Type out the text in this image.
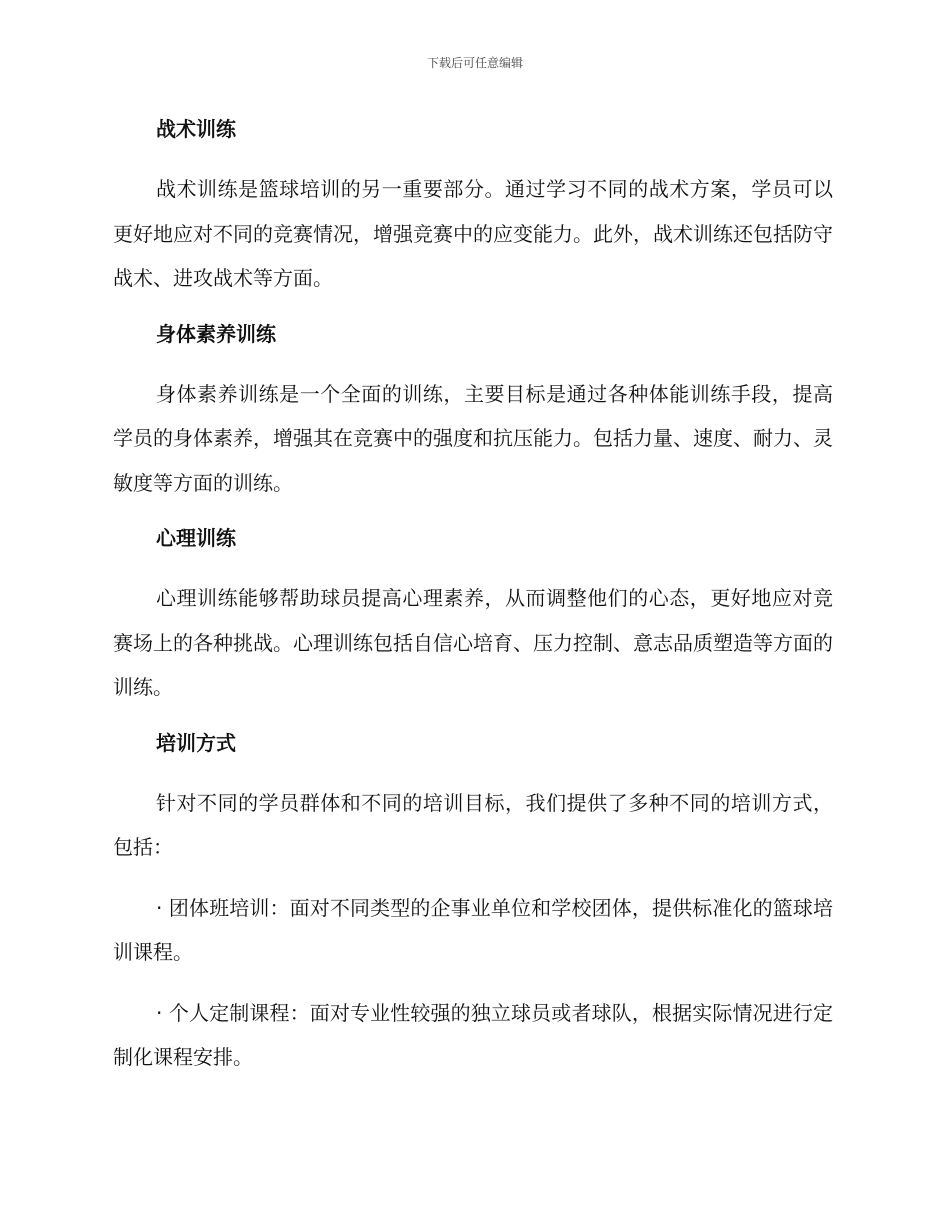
下载后可任意编辑
战术训练

战术训练是篮球培训的另一重要部分。通过学习不同的战术方案，学员可以更好地应对不同的竞赛情况，增强竞赛中的应变能力。此外，战术训练还包括防守战术、进攻战术等方面。

身体素养训练

身体素养训练是一个全面的训练，主要目标是通过各种体能训练手段，提高学员的身体素养，增强其在竞赛中的强度和抗压能力。包括力量、速度、耐力、灵敏度等方面的训练。

心理训练

心理训练能够帮助球员提高心理素养，从而调整他们的心态，更好地应对竞赛场上的各种挑战。心理训练包括自信心培育、压力控制、意志品质塑造等方面的训练。

培训方式

针对不同的学员群体和不同的培训目标，我们提供了多种不同的培训方式，包括：

· 团体班培训：面对不同类型的企事业单位和学校团体，提供标准化的篮球培训课程。

· 个人定制课程：面对专业性较强的独立球员或者球队，根据实际情况进行定制化课程安排。
